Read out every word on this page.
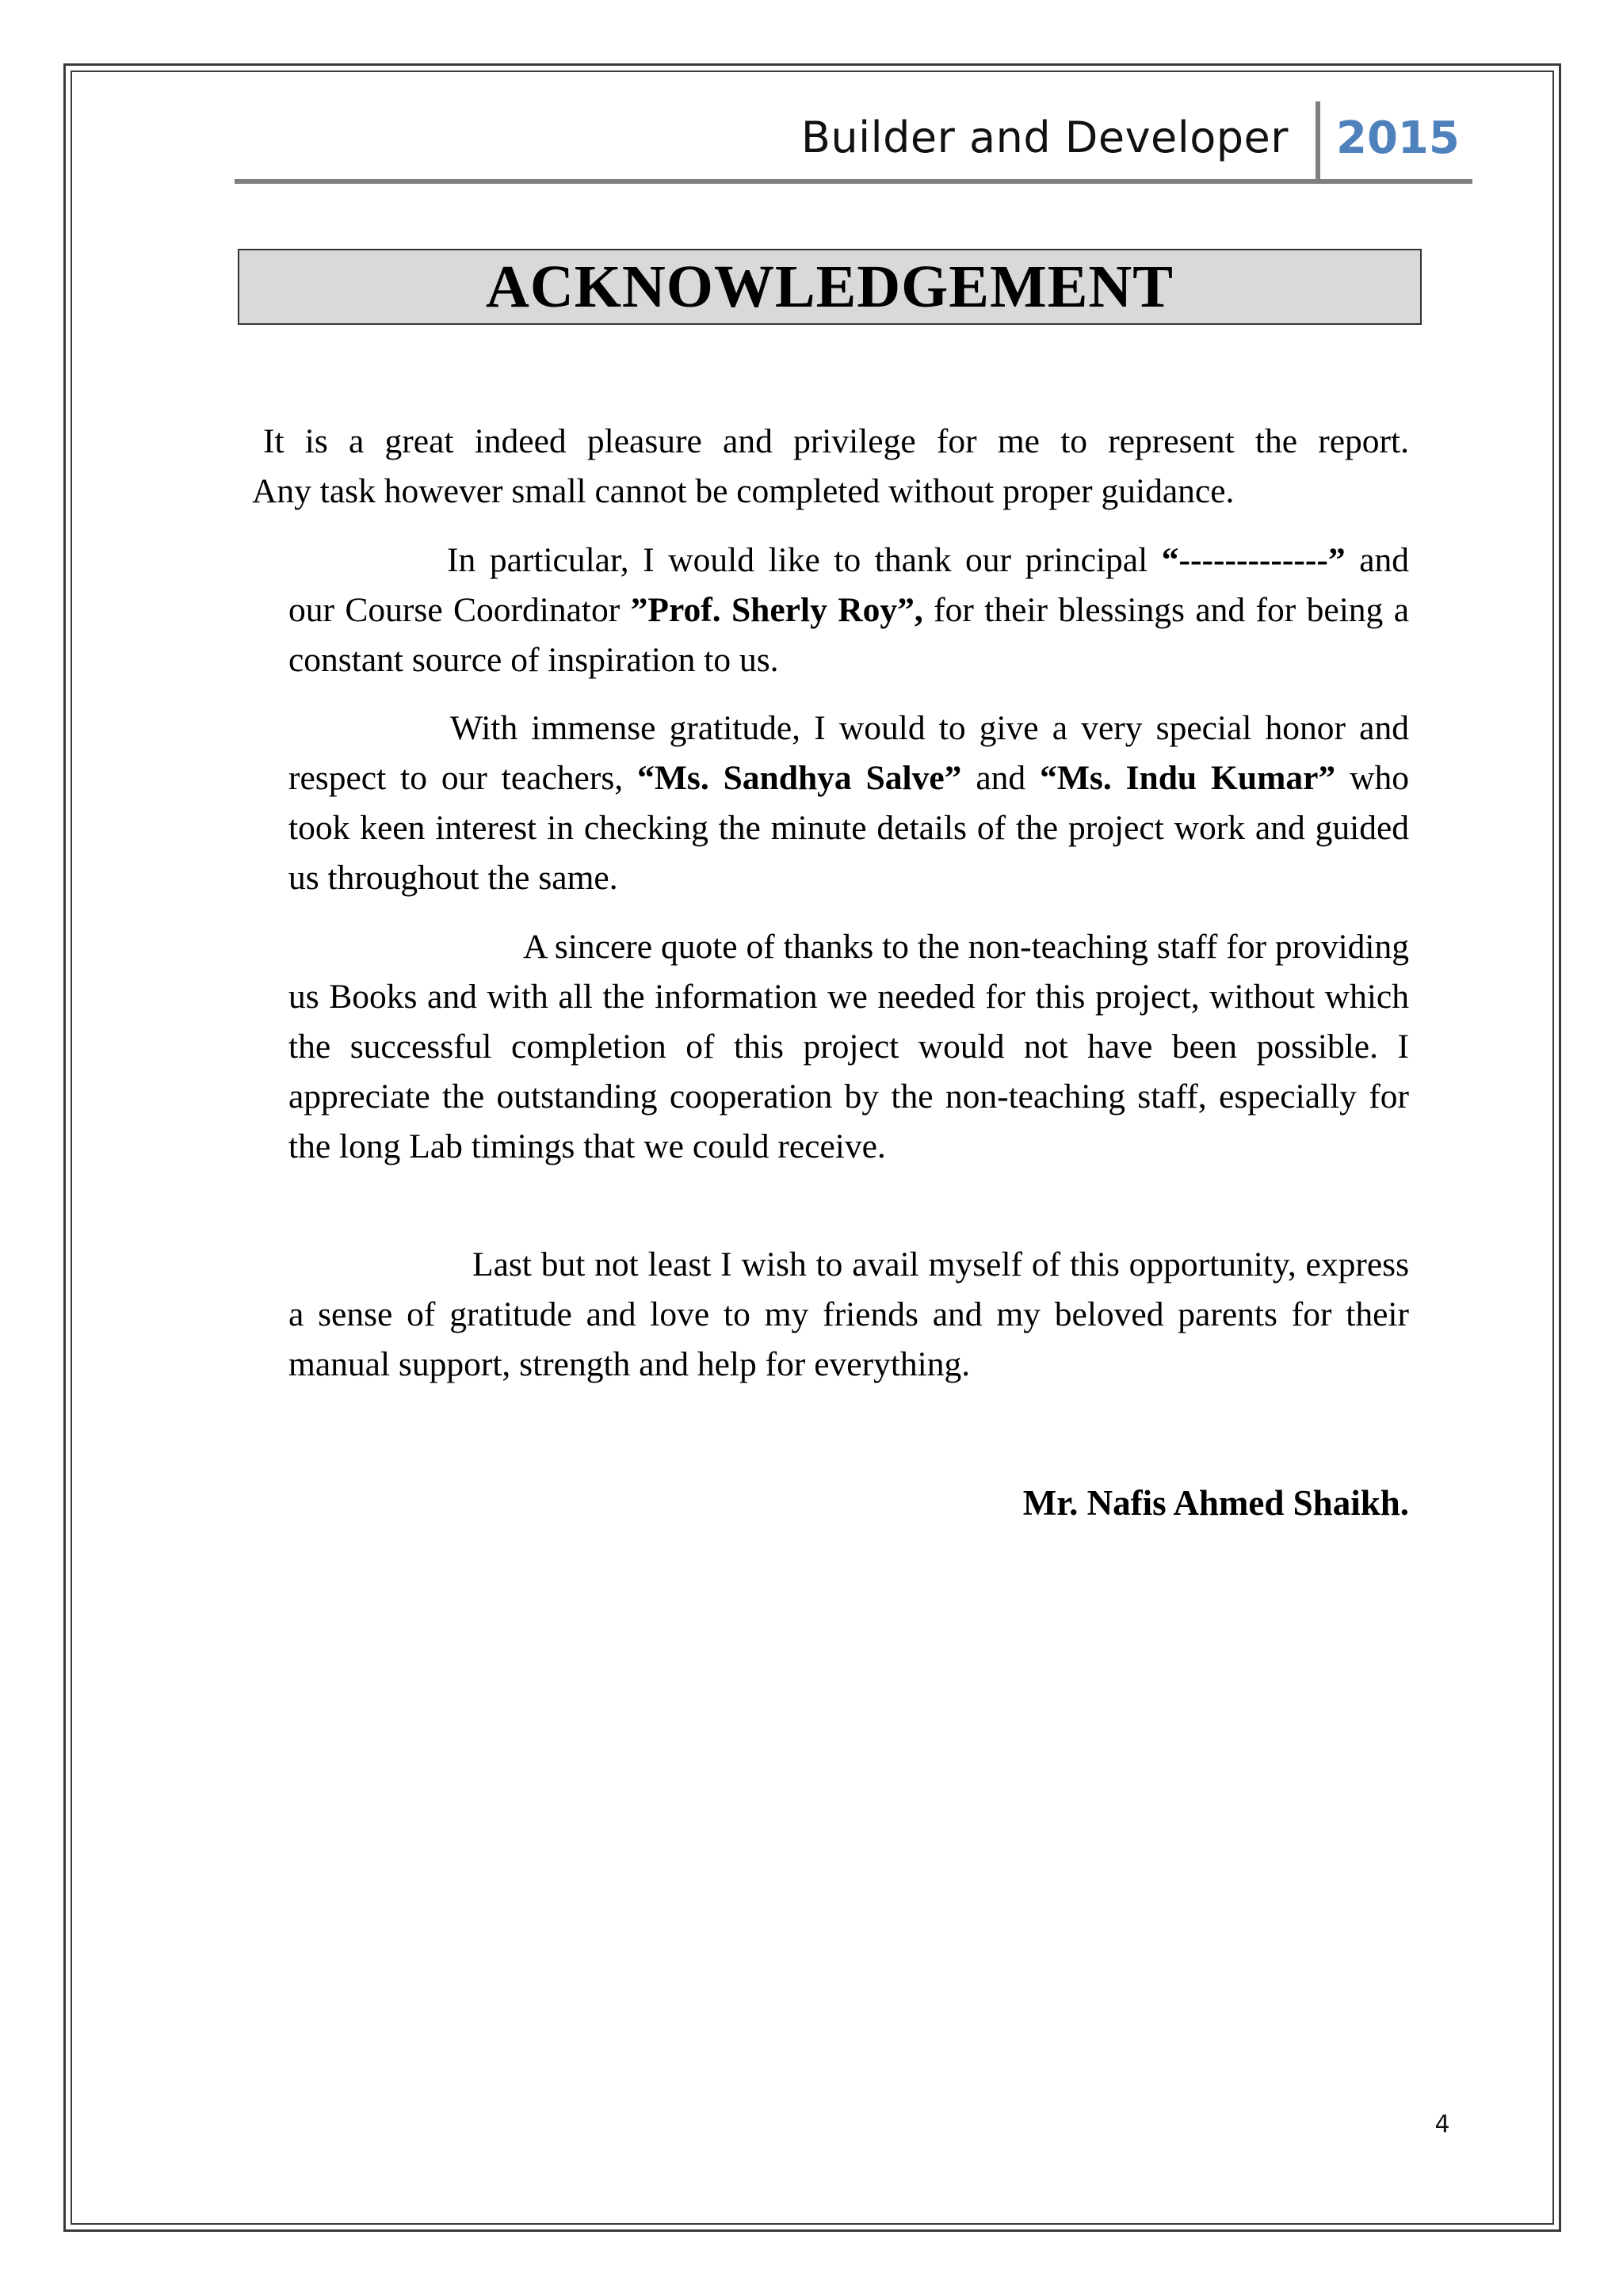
Builder and Developer 2015
ACKNOWLEDGEMENT

It is a great indeed pleasure and privilege for me to represent the report.
Any task however small cannot be completed without proper guidance.

In particular, I would like to thank our principal “-------------” and our Course Coordinator ”Prof. Sherly Roy”, for their blessings and for being a constant source of inspiration to us.

With immense gratitude, I would to give a very special honor and respect to our teachers, “Ms. Sandhya Salve” and “Ms. Indu Kumar” who took keen interest in checking the minute details of the project work and guided us throughout the same.

A sincere quote of thanks to the non-teaching staff for providing us Books and with all the information we needed for this project, without which the successful completion of this project would not have been possible. I appreciate the outstanding cooperation by the non-teaching staff, especially for the long Lab timings that we could receive.

Last but not least I wish to avail myself of this opportunity, express a sense of gratitude and love to my friends and my beloved parents for their manual support, strength and help for everything.

Mr. Nafis Ahmed Shaikh.
4
